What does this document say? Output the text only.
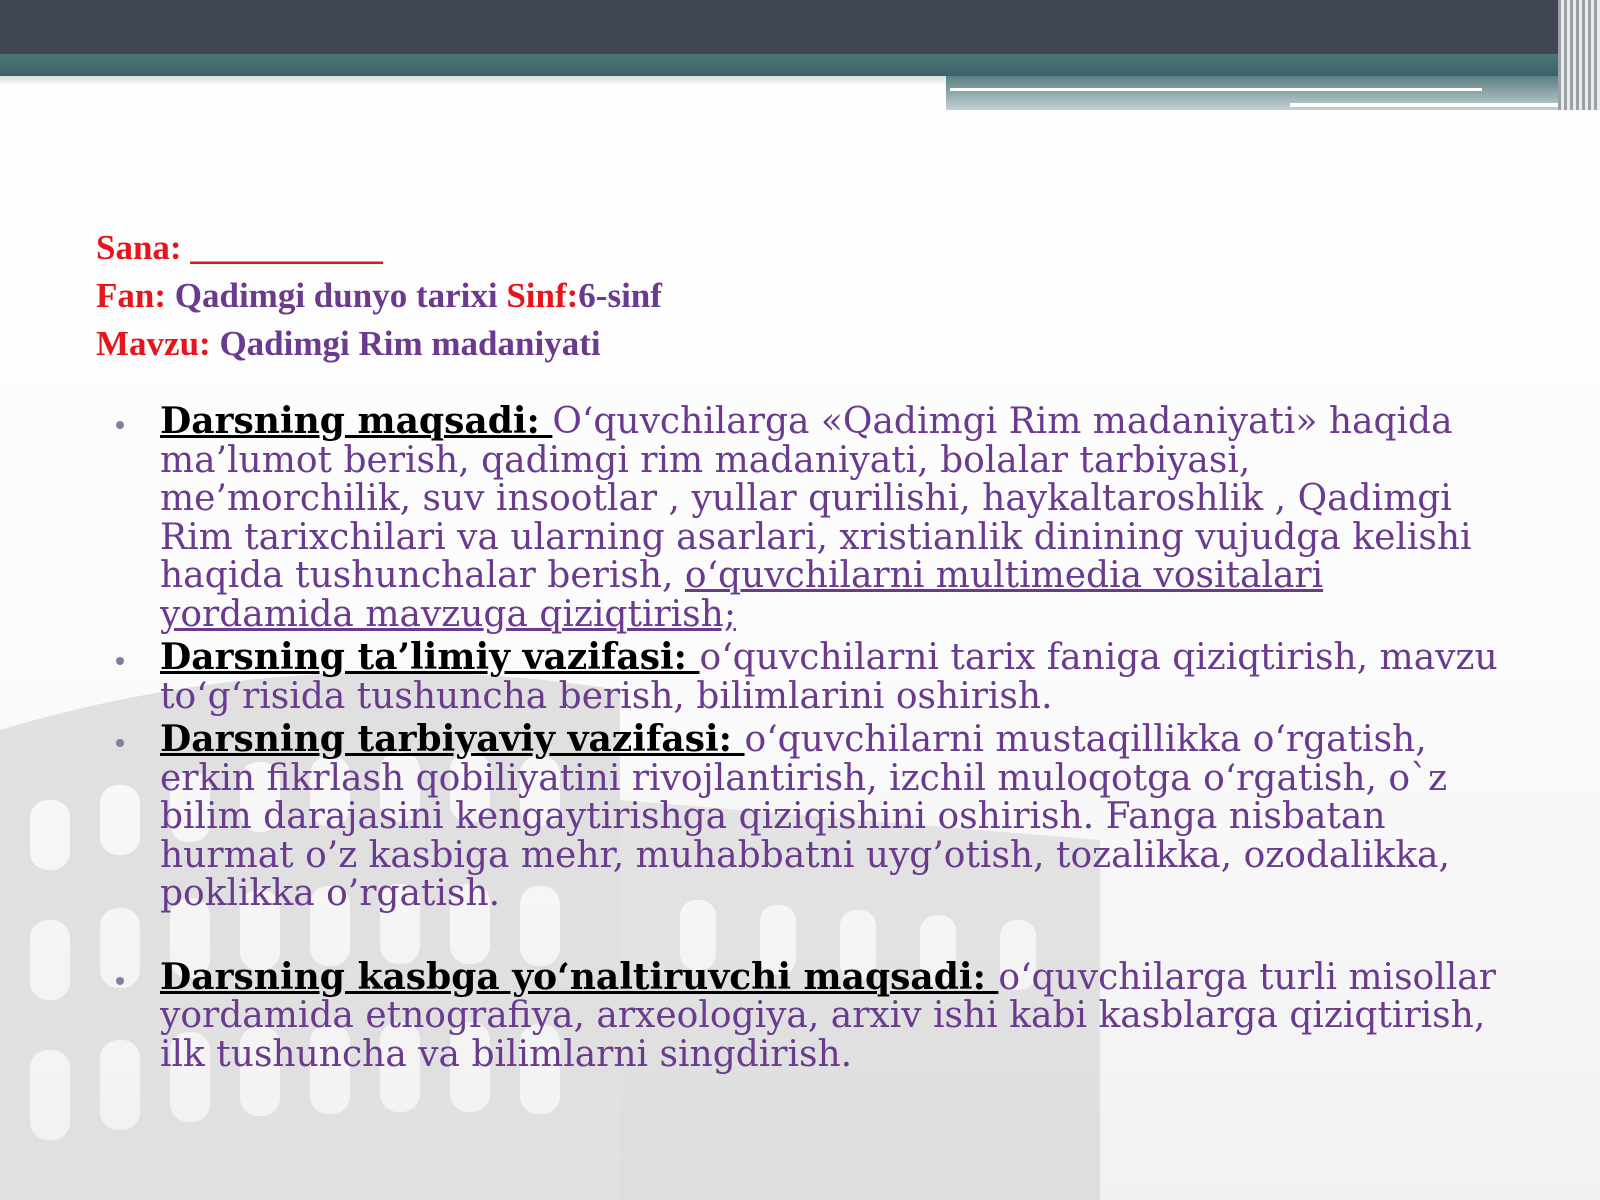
Sana: ___________
Fan: Qadimgi dunyo tarixi Sinf:6-sinf
Mavzu: Qadimgi Rim madaniyati
Darsning maqsadi: O‘quvchilarga «Qadimgi Rim madaniyati» haqida ma’lumot berish, qadimgi rim madaniyati, bolalar tarbiyasi, me’morchilik, suv insootlar , yullar qurilishi, haykaltaroshlik , Qadimgi Rim tarixchilari va ularning asarlari, xristianlik dinining vujudga kelishi haqida tushunchalar berish, o‘quvchilarni multimedia vositalari yordamida mavzuga qiziqtirish;
Darsning ta’limiy vazifasi: o‘quvchilarni tarix faniga qiziqtirish, mavzu to‘g‘risida tushuncha berish, bilimlarini oshirish.
Darsning tarbiyaviy vazifasi: o‘quvchilarni mustaqillikka o‘rgatish, erkin fikrlash qobiliyatini rivojlantirish, izchil muloqotga o‘rgatish, o`z bilim darajasini kengaytirishga qiziqishini oshirish. Fanga nisbatan hurmat o’z kasbiga mehr, muhabbatni uyg’otish, tozalikka, ozodalikka, poklikka o’rgatish.
Darsning kasbga yo‘naltiruvchi maqsadi: o‘quvchilarga turli misollar yordamida etnografiya, arxeologiya, arxiv ishi kabi kasblarga qiziqtirish, ilk tushuncha va bilimlarni singdirish.
